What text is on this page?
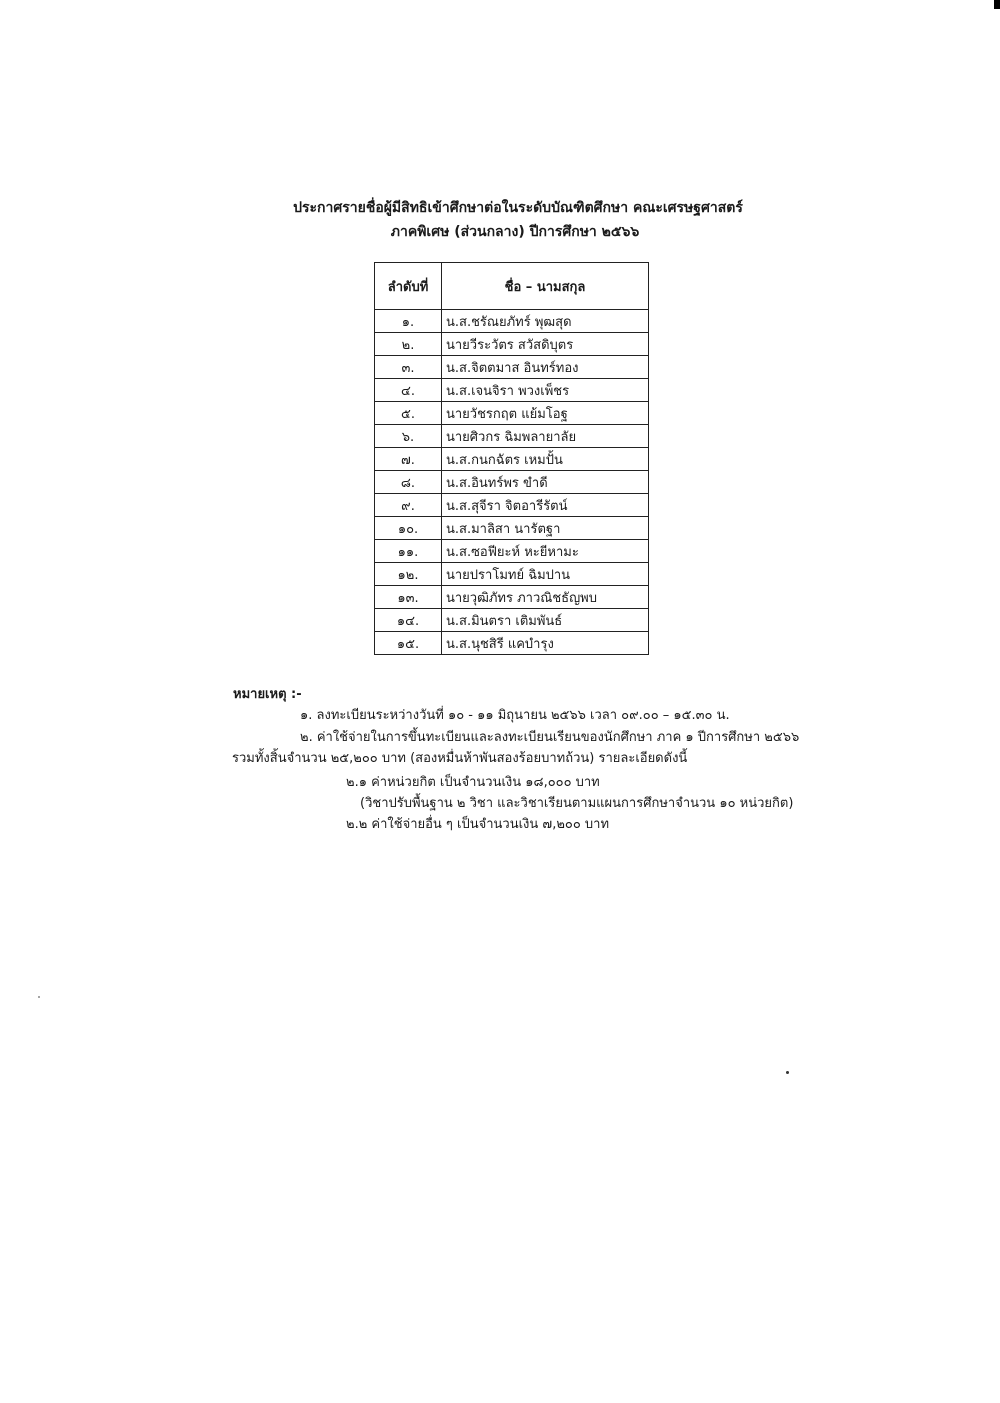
ประกาศรายชื่อผู้มีสิทธิเข้าศึกษาต่อในระดับบัณฑิตศึกษา คณะเศรษฐศาสตร์
ภาคพิเศษ (ส่วนกลาง) ปีการศึกษา ๒๕๖๖
ลำดับที่	ชื่อ – นามสกุล
๑.	น.ส.ชรัณยภัทร์ พุฒสุด
๒.	นายวีระวัตร สวัสดิบุตร
๓.	น.ส.จิตตมาส อินทร์ทอง
๔.	น.ส.เจนจิรา พวงเพ็ชร
๕.	นายวัชรกฤต แย้มโอฐ
๖.	นายศิวกร ฉิมพลายาลัย
๗.	น.ส.กนกฉัตร เหมปั้น
๘.	น.ส.อินทร์พร ขำดี
๙.	น.ส.สุจีรา จิตอารีรัตน์
๑๐.	น.ส.มาลิสา นารัตฐา
๑๑.	น.ส.ซอฟียะห์ หะยีหามะ
๑๒.	นายปราโมทย์ ฉิมปาน
๑๓.	นายวุฒิภัทร ภาวณิชธัญพบ
๑๔.	น.ส.มินตรา เติมพันธ์
๑๕.	น.ส.นุชสิรี แคบำรุง
หมายเหตุ :-
๑. ลงทะเบียนระหว่างวันที่ ๑๐ - ๑๑ มิถุนายน ๒๕๖๖ เวลา ๐๙.๐๐ – ๑๕.๓๐ น.
๒. ค่าใช้จ่ายในการขึ้นทะเบียนและลงทะเบียนเรียนของนักศึกษา ภาค ๑ ปีการศึกษา ๒๕๖๖
รวมทั้งสิ้นจำนวน ๒๕,๒๐๐ บาท (สองหมื่นห้าพันสองร้อยบาทถ้วน) รายละเอียดดังนี้
๒.๑ ค่าหน่วยกิต เป็นจำนวนเงิน ๑๘,๐๐๐ บาท
(วิชาปรับพื้นฐาน ๒ วิชา และวิชาเรียนตามแผนการศึกษาจำนวน ๑๐ หน่วยกิต)
๒.๒ ค่าใช้จ่ายอื่น ๆ เป็นจำนวนเงิน ๗,๒๐๐ บาท
